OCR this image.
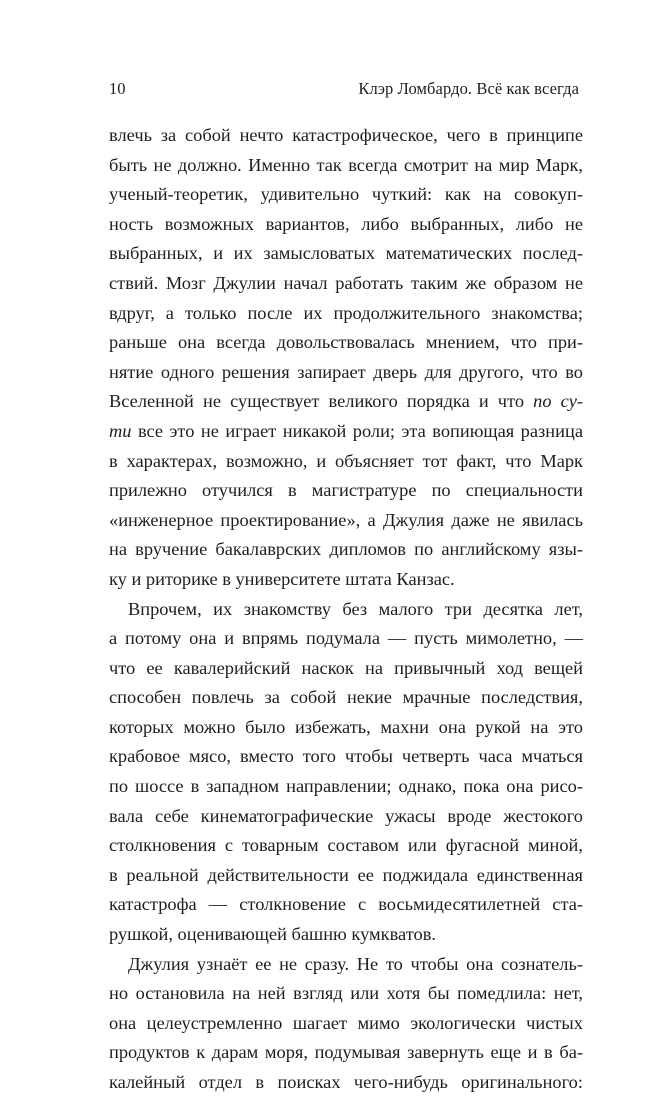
10	Клэр Ломбардо. Всё как всегда
влечь за собой нечто катастрофическое, чего в принципе
быть не должно. Именно так всегда смотрит на мир Марк,
ученый-теоретик, удивительно чуткий: как на совокуп-
ность возможных вариантов, либо выбранных, либо не
выбранных, и их замысловатых математических послед-
ствий. Мозг Джулии начал работать таким же образом не
вдруг, а только после их продолжительного знакомства;
раньше она всегда довольствовалась мнением, что при-
нятие одного решения запирает дверь для другого, что во
Вселенной не существует великого порядка и что по су-
ти все это не играет никакой роли; эта вопиющая разница
в характерах, возможно, и объясняет тот факт, что Марк
прилежно отучился в магистратуре по специальности
«инженерное проектирование», а Джулия даже не явилась
на вручение бакалаврских дипломов по английскому язы-
ку и риторике в университете штата Канзас.
Впрочем, их знакомству без малого три десятка лет,
а потому она и впрямь подумала — пусть мимолетно, —
что ее кавалерийский наскок на привычный ход вещей
способен повлечь за собой некие мрачные последствия,
которых можно было избежать, махни она рукой на это
крабовое мясо, вместо того чтобы четверть часа мчаться
по шоссе в западном направлении; однако, пока она рисо-
вала себе кинематографические ужасы вроде жестокого
столкновения с товарным составом или фугасной миной,
в реальной действительности ее поджидала единственная
катастрофа — столкновение с восьмидесятилетней ста-
рушкой, оценивающей башню кумкватов.
Джулия узнаёт ее не сразу. Не то чтобы она сознатель-
но остановила на ней взгляд или хотя бы помедлила: нет,
она целеустремленно шагает мимо экологически чистых
продуктов к дарам моря, подумывая завернуть еще и в ба-
калейный отдел в поисках чего-нибудь оригинального:
